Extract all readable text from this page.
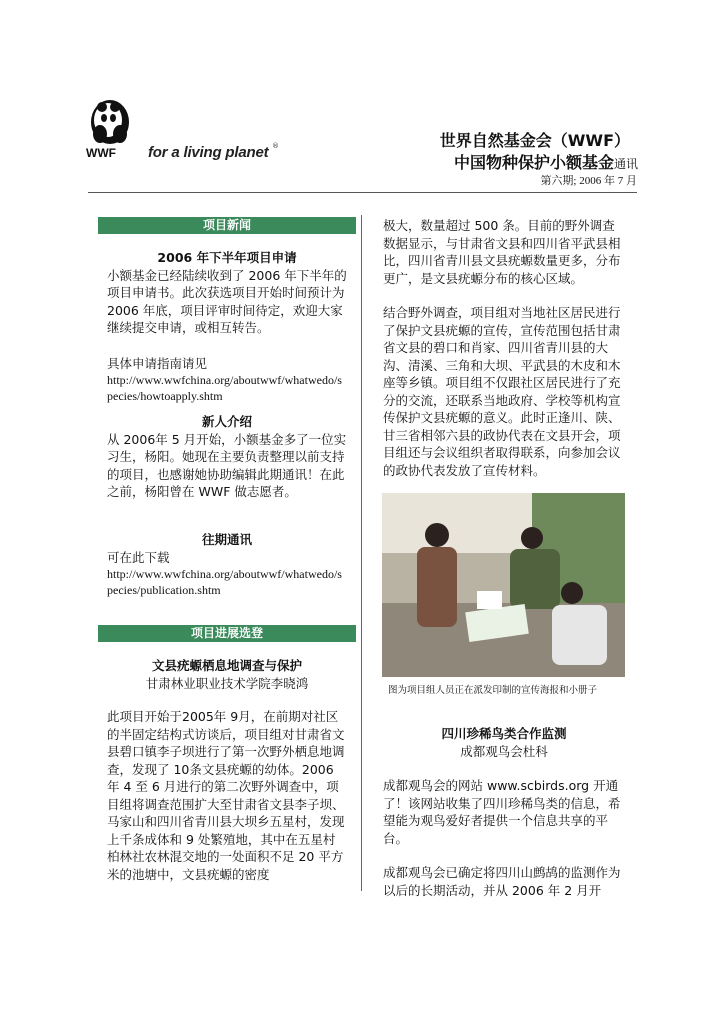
WWF for a living planet ®	世界自然基金会（WWF）
中国物种保护小额基金通讯
第六期; 2006 年 7 月
项目新闻

2006 年下半年项目申请

小额基金已经陆续收到了 2006 年下半年的项目申请书。此次获选项目开始时间预计为 2006 年底，项目评审时间待定，欢迎大家继续提交申请，或相互转告。

具体申请指南请见

http://www.wwfchina.org/aboutwwf/whatwedo/species/howtoapply.shtm

新人介绍

从 2006年 5 月开始，小额基金多了一位实习生，杨阳。她现在主要负责整理以前支持的项目，也感谢她协助编辑此期通讯！在此之前，杨阳曾在 WWF 做志愿者。

往期通讯

可在此下载

http://www.wwfchina.org/aboutwwf/whatwedo/species/publication.shtm

项目进展选登

文县疣螈栖息地调查与保护

甘肃林业职业技术学院李晓鸿

此项目开始于2005年 9月，在前期对社区的半固定结构式访谈后，项目组对甘肃省文县碧口镇李子坝进行了第一次野外栖息地调查，发现了 10条文县疣螈的幼体。2006 年 4 至 6 月进行的第二次野外调查中，项目组将调查范围扩大至甘肃省文县李子坝、马家山和四川省青川县大坝乡五星村，发现上千条成体和 9 处繁殖地，其中在五星村柏林社农林混交地的一处面积不足 20 平方米的池塘中，文县疣螈的密度

极大，数量超过 500 条。目前的野外调查数据显示，与甘肃省文县和四川省平武县相比，四川省青川县文县疣螈数量更多，分布更广，是文县疣螈分布的核心区域。

结合野外调查，项目组对当地社区居民进行了保护文县疣螈的宣传，宣传范围包括甘肃省文县的碧口和肖家、四川省青川县的大沟、清溪、三角和大坝、平武县的木皮和木座等乡镇。项目组不仅跟社区居民进行了充分的交流，还联系当地政府、学校等机构宣传保护文县疣螈的意义。此时正逢川、陕、甘三省相邻六县的政协代表在文县开会，项目组还与会议组织者取得联系，向参加会议的政协代表发放了宣传材料。

图为项目组人员正在派发印制的宣传海报和小册子

四川珍稀鸟类合作监测

成都观鸟会杜科

成都观鸟会的网站 www.scbirds.org 开通了！该网站收集了四川珍稀鸟类的信息，希望能为观鸟爱好者提供一个信息共享的平台。

成都观鸟会已确定将四川山鹧鸪的监测作为以后的长期活动，并从 2006 年 2 月开
